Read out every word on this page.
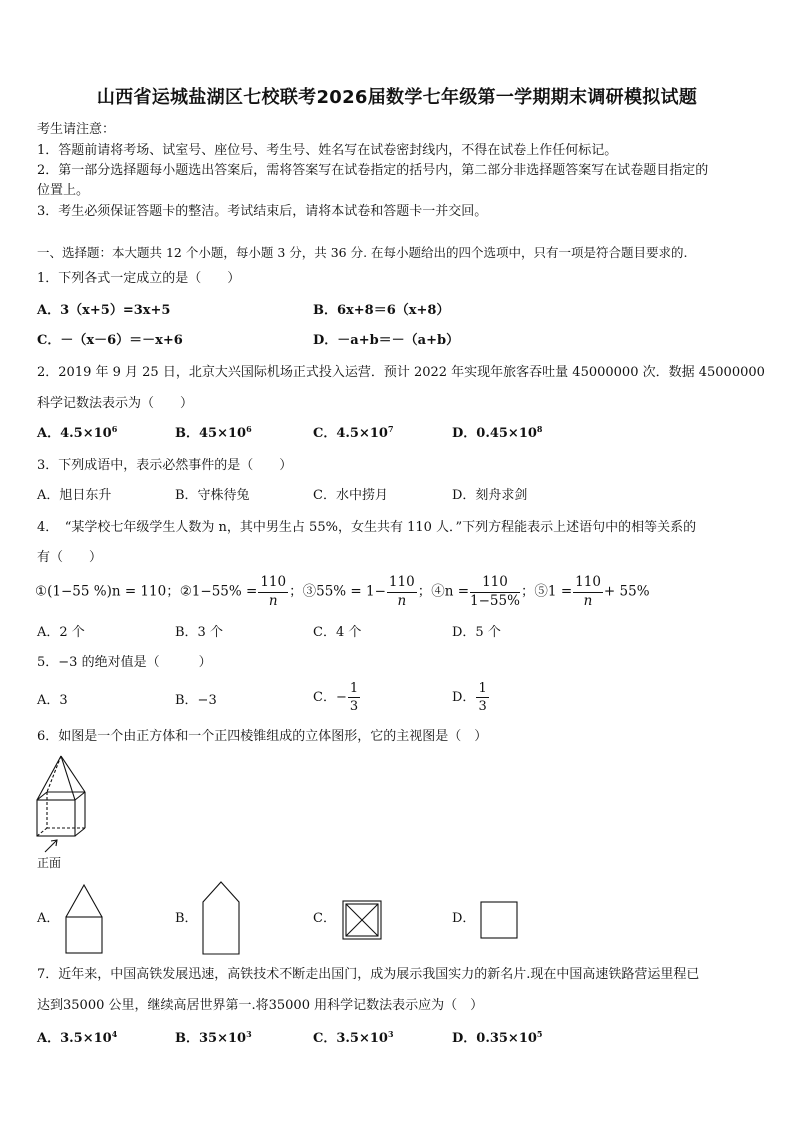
山西省运城盐湖区七校联考2026届数学七年级第一学期期末调研模拟试题
考生请注意：
1．答题前请将考场、试室号、座位号、考生号、姓名写在试卷密封线内，不得在试卷上作任何标记。
2．第一部分选择题每小题选出答案后，需将答案写在试卷指定的括号内，第二部分非选择题答案写在试卷题目指定的
位置上。
3．考生必须保证答题卡的整洁。考试结束后，请将本试卷和答题卡一并交回。
一、选择题：本大题共 12 个小题，每小题 3 分，共 36 分. 在每小题给出的四个选项中，只有一项是符合题目要求的.
1．下列各式一定成立的是（　　）
A．3（x+5）=3x+5	B．6x+8＝6（x+8）
C．－（x－6）＝－x+6	D．－a+b＝－（a+b）
2．2019 年 9 月 25 日，北京大兴国际机场正式投入运营．预计 2022 年实现年旅客吞吐量 45000000 次．数据 45000000
科学记数法表示为（　　）
A．$4.5\times 10^6$	B．$45\times 10^6$	C．$4.5\times 10^7$	D．$0.45\times 10^8$
3．下列成语中，表示必然事件的是（　　）
A．旭日东升	B．守株待兔	C．水中捞月	D．刻舟求剑
4．　“某学校七年级学生人数为 n，其中男生占 55%，女生共有 110 人．”下列方程能表示上述语句中的相等关系的
有（　　）
①(1−55 %)n = 110；②1−55% = $\frac{110}{n}$ ；③55% = $1- \frac{110}{n}$ ；④n = $\frac{110}{1-55\%}$ ；⑤1 = $\frac{110}{n} + 55\%$
A．2 个	B．3 个	C．4 个	D．5 个
5．−3 的绝对值是（　　　）
A．3	B．−3	C．− $\frac{1}{3}$	D． $\frac{1}{3}$
6．如图是一个由正方体和一个正四棱锥组成的立体图形，它的主视图是（　）
正面
A．	B．	C．	D．
7．近年来，中国高铁发展迅速，高铁技术不断走出国门，成为展示我国实力的新名片.现在中国高速铁路营运里程已
达到35000 公里，继续高居世界第一.将35000 用科学记数法表示应为（　）
A．$3.5\times 10^4$	B．$35\times 10^3$	C．$3.5\times 10^3$	D．$0.35\times 10^5$
